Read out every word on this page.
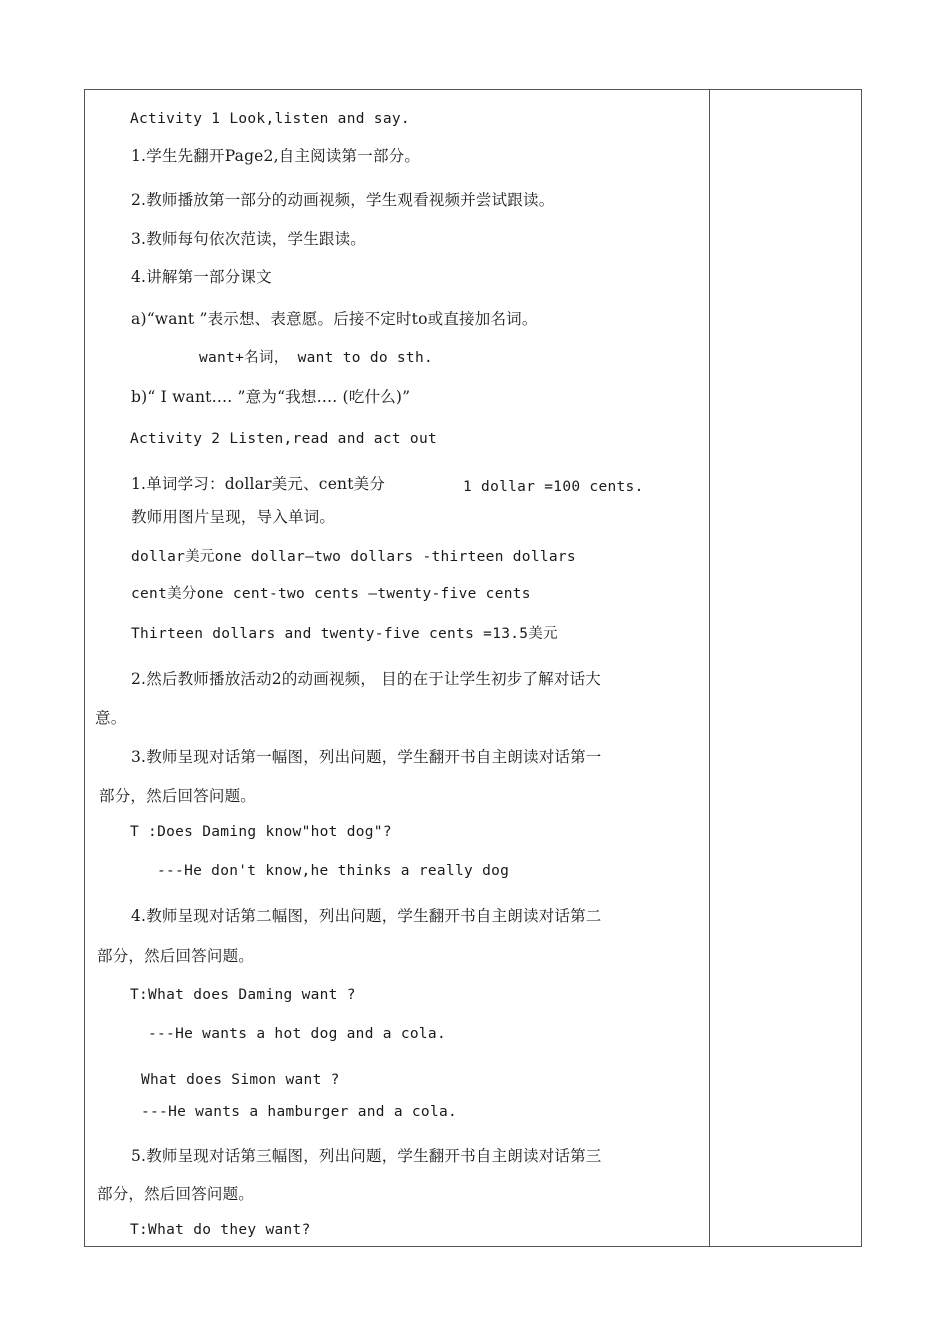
Activity 1 Look,listen and say.
1.学生先翻开Page2,自主阅读第一部分。
2.教师播放第一部分的动画视频，学生观看视频并尝试跟读。
3.教师每句依次范读，学生跟读。
4.讲解第一部分课文
a)“want ”表示想、表意愿。后接不定时to或直接加名词。
want+名词， want to do sth.
b)“ I want…. ”意为“我想…. (吃什么)”
Activity 2 Listen,read and act out
1.单词学习：dollar美元、cent美分	1 dollar =100 cents.
教师用图片呈现，导入单词。
dollar美元one dollar—two dollars -thirteen dollars
cent美分one cent-two cents —twenty-five cents
Thirteen dollars and twenty-five cents =13.5美元
2.然后教师播放活动2的动画视频， 目的在于让学生初步了解对话大
意。
3.教师呈现对话第一幅图，列出问题，学生翻开书自主朗读对话第一
部分，然后回答问题。
T :Does Daming know"hot dog"?
---He don't know,he thinks a really dog
4.教师呈现对话第二幅图，列出问题，学生翻开书自主朗读对话第二
部分，然后回答问题。
T:What does Daming want ?
---He wants a hot dog and a cola.
What does Simon want ?
---He wants a hamburger and a cola.
5.教师呈现对话第三幅图，列出问题，学生翻开书自主朗读对话第三
部分，然后回答问题。
T:What do they want?
